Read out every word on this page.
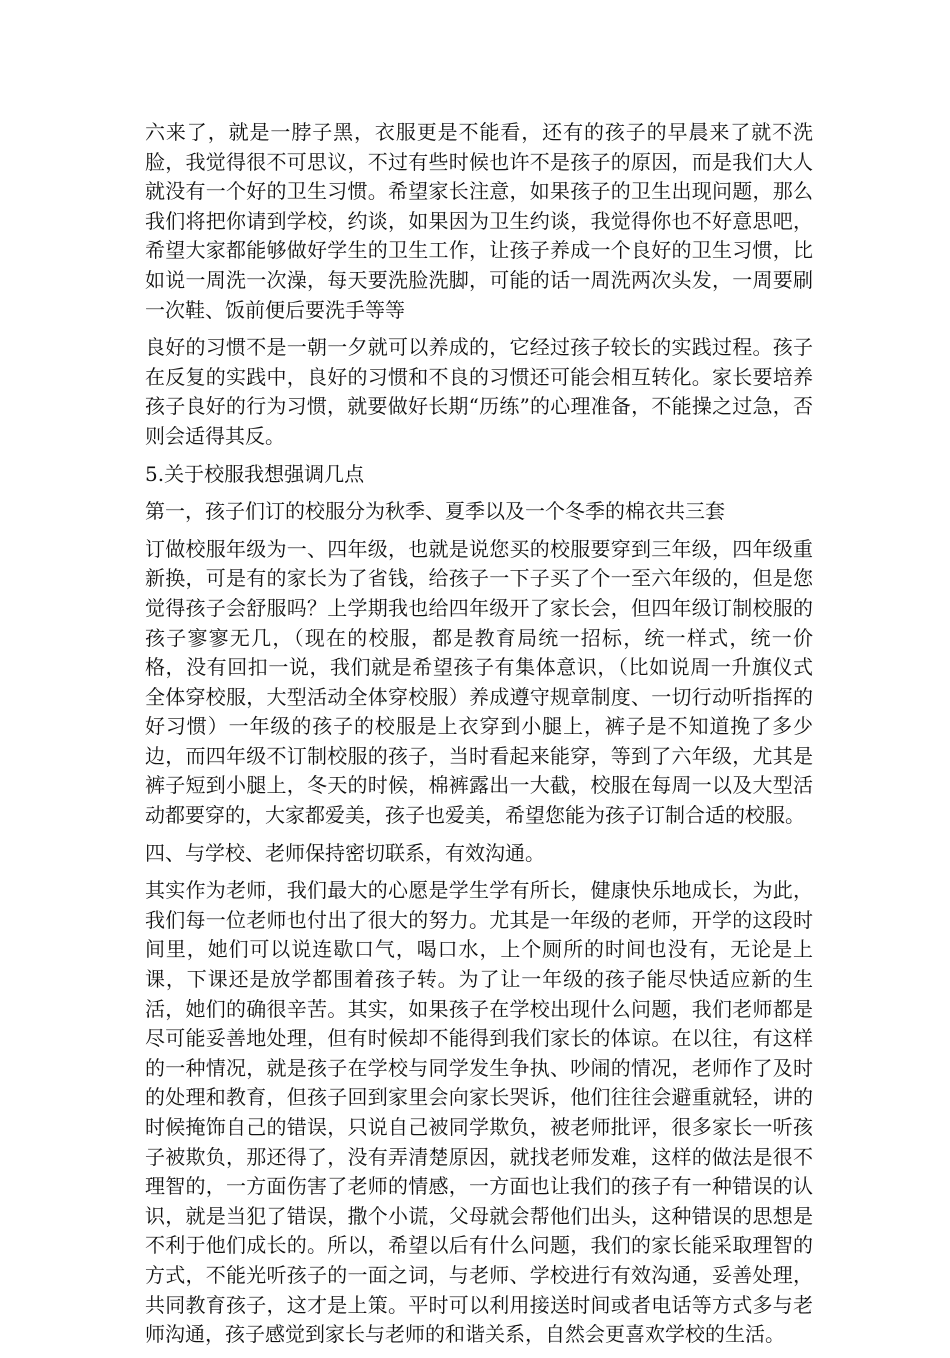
六来了，就是一脖子黑，衣服更是不能看，还有的孩子的早晨来了就不洗脸，我觉得很不可思议，不过有些时候也许不是孩子的原因，而是我们大人就没有一个好的卫生习惯。希望家长注意，如果孩子的卫生出现问题，那么我们将把你请到学校，约谈，如果因为卫生约谈，我觉得你也不好意思吧，希望大家都能够做好学生的卫生工作，让孩子养成一个良好的卫生习惯，比如说一周洗一次澡，每天要洗脸洗脚，可能的话一周洗两次头发，一周要刷一次鞋、饭前便后要洗手等等

良好的习惯不是一朝一夕就可以养成的，它经过孩子较长的实践过程。孩子在反复的实践中，良好的习惯和不良的习惯还可能会相互转化。家长要培养孩子良好的行为习惯，就要做好长期“历练”的心理准备，不能操之过急，否则会适得其反。

5.关于校服我想强调几点

第一，孩子们订的校服分为秋季、夏季以及一个冬季的棉衣共三套

订做校服年级为一、四年级，也就是说您买的校服要穿到三年级，四年级重新换，可是有的家长为了省钱，给孩子一下子买了个一至六年级的，但是您觉得孩子会舒服吗？上学期我也给四年级开了家长会，但四年级订制校服的孩子寥寥无几，（现在的校服，都是教育局统一招标，统一样式，统一价格，没有回扣一说，我们就是希望孩子有集体意识，（比如说周一升旗仪式全体穿校服，大型活动全体穿校服）养成遵守规章制度、一切行动听指挥的好习惯）一年级的孩子的校服是上衣穿到小腿上，裤子是不知道挽了多少边，而四年级不订制校服的孩子，当时看起来能穿，等到了六年级，尤其是裤子短到小腿上，冬天的时候，棉裤露出一大截，校服在每周一以及大型活动都要穿的，大家都爱美，孩子也爱美，希望您能为孩子订制合适的校服。

四、与学校、老师保持密切联系，有效沟通。

其实作为老师，我们最大的心愿是学生学有所长，健康快乐地成长，为此，我们每一位老师也付出了很大的努力。尤其是一年级的老师，开学的这段时间里，她们可以说连歇口气，喝口水，上个厕所的时间也没有，无论是上课，下课还是放学都围着孩子转。为了让一年级的孩子能尽快适应新的生活，她们的确很辛苦。其实，如果孩子在学校出现什么问题，我们老师都是尽可能妥善地处理，但有时候却不能得到我们家长的体谅。在以往，有这样的一种情况，就是孩子在学校与同学发生争执、吵闹的情况，老师作了及时的处理和教育，但孩子回到家里会向家长哭诉，他们往往会避重就轻，讲的时候掩饰自己的错误，只说自己被同学欺负，被老师批评，很多家长一听孩子被欺负，那还得了，没有弄清楚原因，就找老师发难，这样的做法是很不理智的，一方面伤害了老师的情感，一方面也让我们的孩子有一种错误的认识，就是当犯了错误，撒个小谎，父母就会帮他们出头，这种错误的思想是不利于他们成长的。所以，希望以后有什么问题，我们的家长能采取理智的方式，不能光听孩子的一面之词，与老师、学校进行有效沟通，妥善处理，共同教育孩子，这才是上策。平时可以利用接送时间或者电话等方式多与老师沟通，孩子感觉到家长与老师的和谐关系，自然会更喜欢学校的生活。
